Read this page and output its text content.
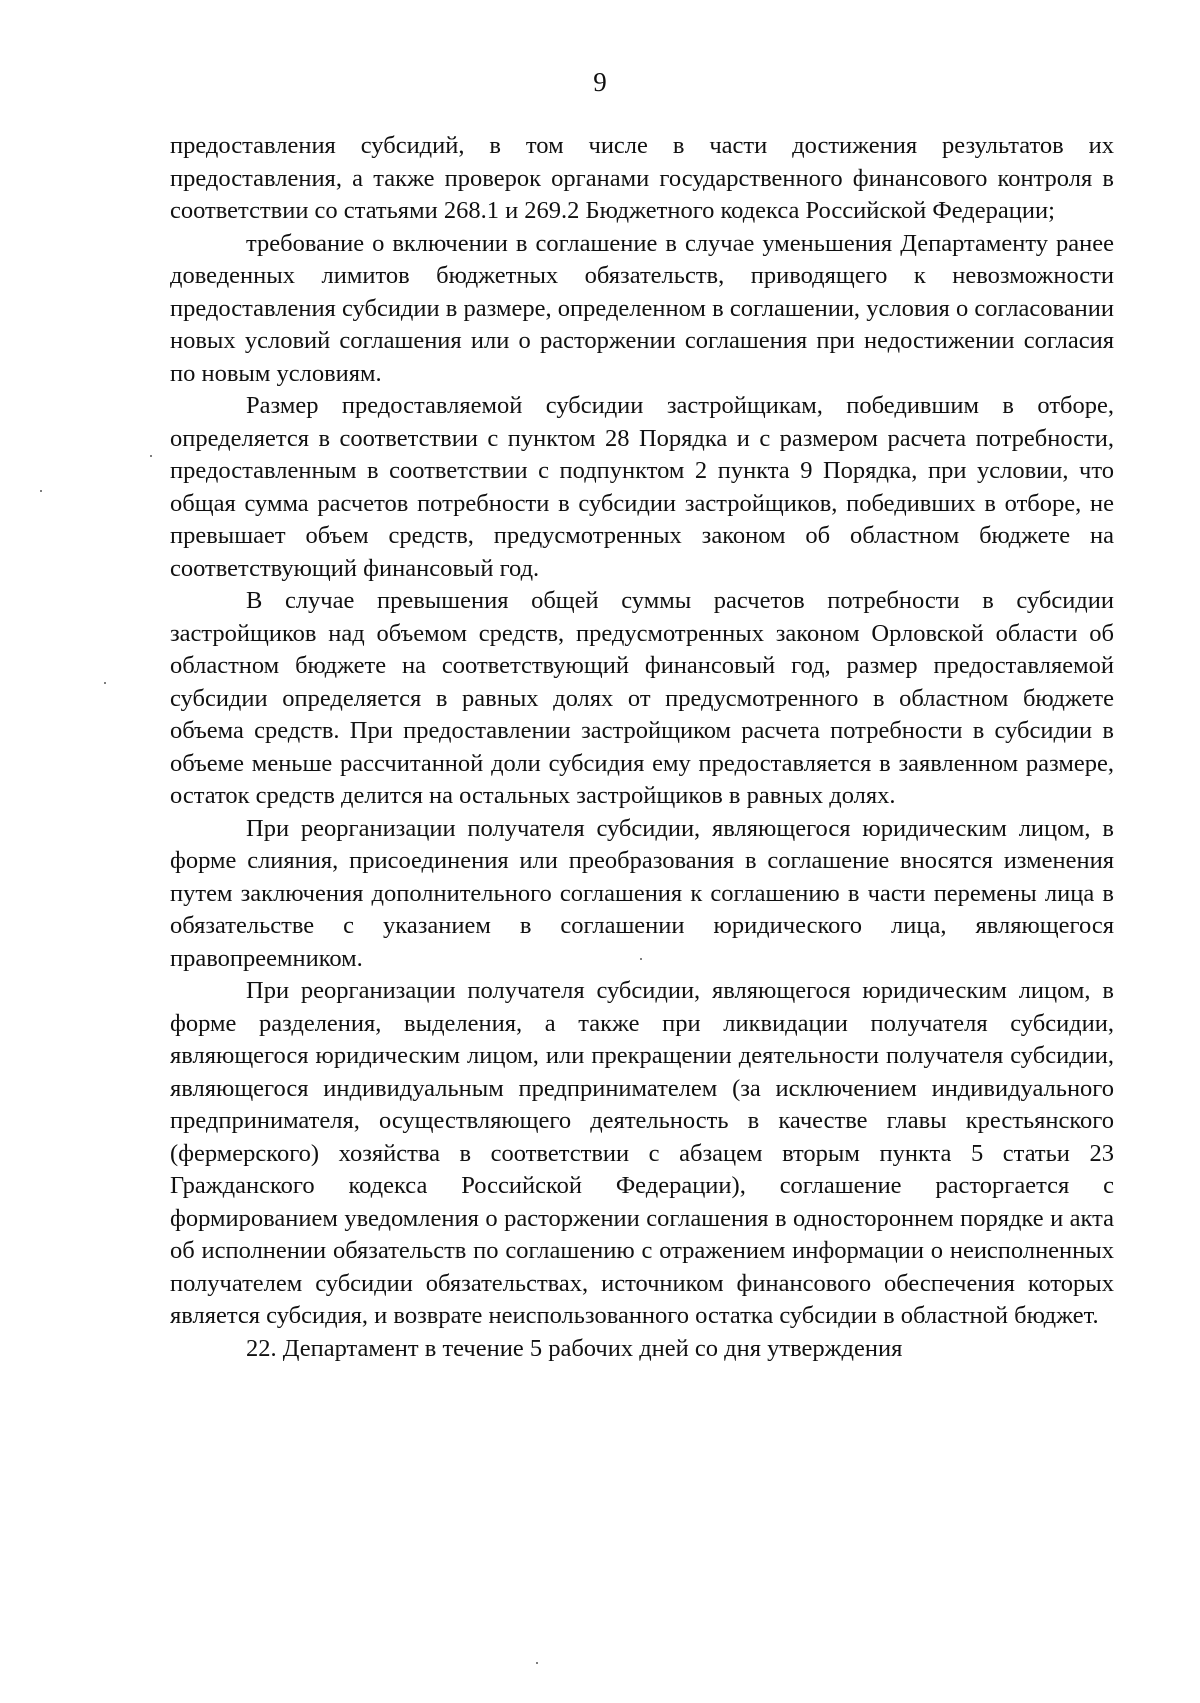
9

предоставления субсидий, в том числе в части достижения результатов их предоставления, а также проверок органами государственного финансового контроля в соответствии со статьями 268.1 и 269.2 Бюджетного кодекса Российской Федерации;

требование о включении в соглашение в случае уменьшения Департаменту ранее доведенных лимитов бюджетных обязательств, приводящего к невозможности предоставления субсидии в размере, определенном в соглашении, условия о согласовании новых условий соглашения или о расторжении соглашения при недостижении согласия по новым условиям.

Размер предоставляемой субсидии застройщикам, победившим в отборе, определяется в соответствии с пунктом 28 Порядка и с размером расчета потребности, предоставленным в соответствии с подпунктом 2 пункта 9 Порядка, при условии, что общая сумма расчетов потребности в субсидии застройщиков, победивших в отборе, не превышает объем средств, предусмотренных законом об областном бюджете на соответствующий финансовый год.

В случае превышения общей суммы расчетов потребности в субсидии застройщиков над объемом средств, предусмотренных законом Орловской области об областном бюджете на соответствующий финансовый год, размер предоставляемой субсидии определяется в равных долях от предусмотренного в областном бюджете объема средств. При предоставлении застройщиком расчета потребности в субсидии в объеме меньше рассчитанной доли субсидия ему предоставляется в заявленном размере, остаток средств делится на остальных застройщиков в равных долях.

При реорганизации получателя субсидии, являющегося юридическим лицом, в форме слияния, присоединения или преобразования в соглашение вносятся изменения путем заключения дополнительного соглашения к соглашению в части перемены лица в обязательстве с указанием в соглашении юридического лица, являющегося правопреемником.

При реорганизации получателя субсидии, являющегося юридическим лицом, в форме разделения, выделения, а также при ликвидации получателя субсидии, являющегося юридическим лицом, или прекращении деятельности получателя субсидии, являющегося индивидуальным предпринимателем (за исключением индивидуального предпринимателя, осуществляющего деятельность в качестве главы крестьянского (фермерского) хозяйства в соответствии с абзацем вторым пункта 5 статьи 23 Гражданского кодекса Российской Федерации), соглашение расторгается с формированием уведомления о расторжении соглашения в одностороннем порядке и акта об исполнении обязательств по соглашению с отражением информации о неисполненных получателем субсидии обязательствах, источником финансового обеспечения которых является субсидия, и возврате неиспользованного остатка субсидии в областной бюджет.

22. Департамент в течение 5 рабочих дней со дня утверждения
